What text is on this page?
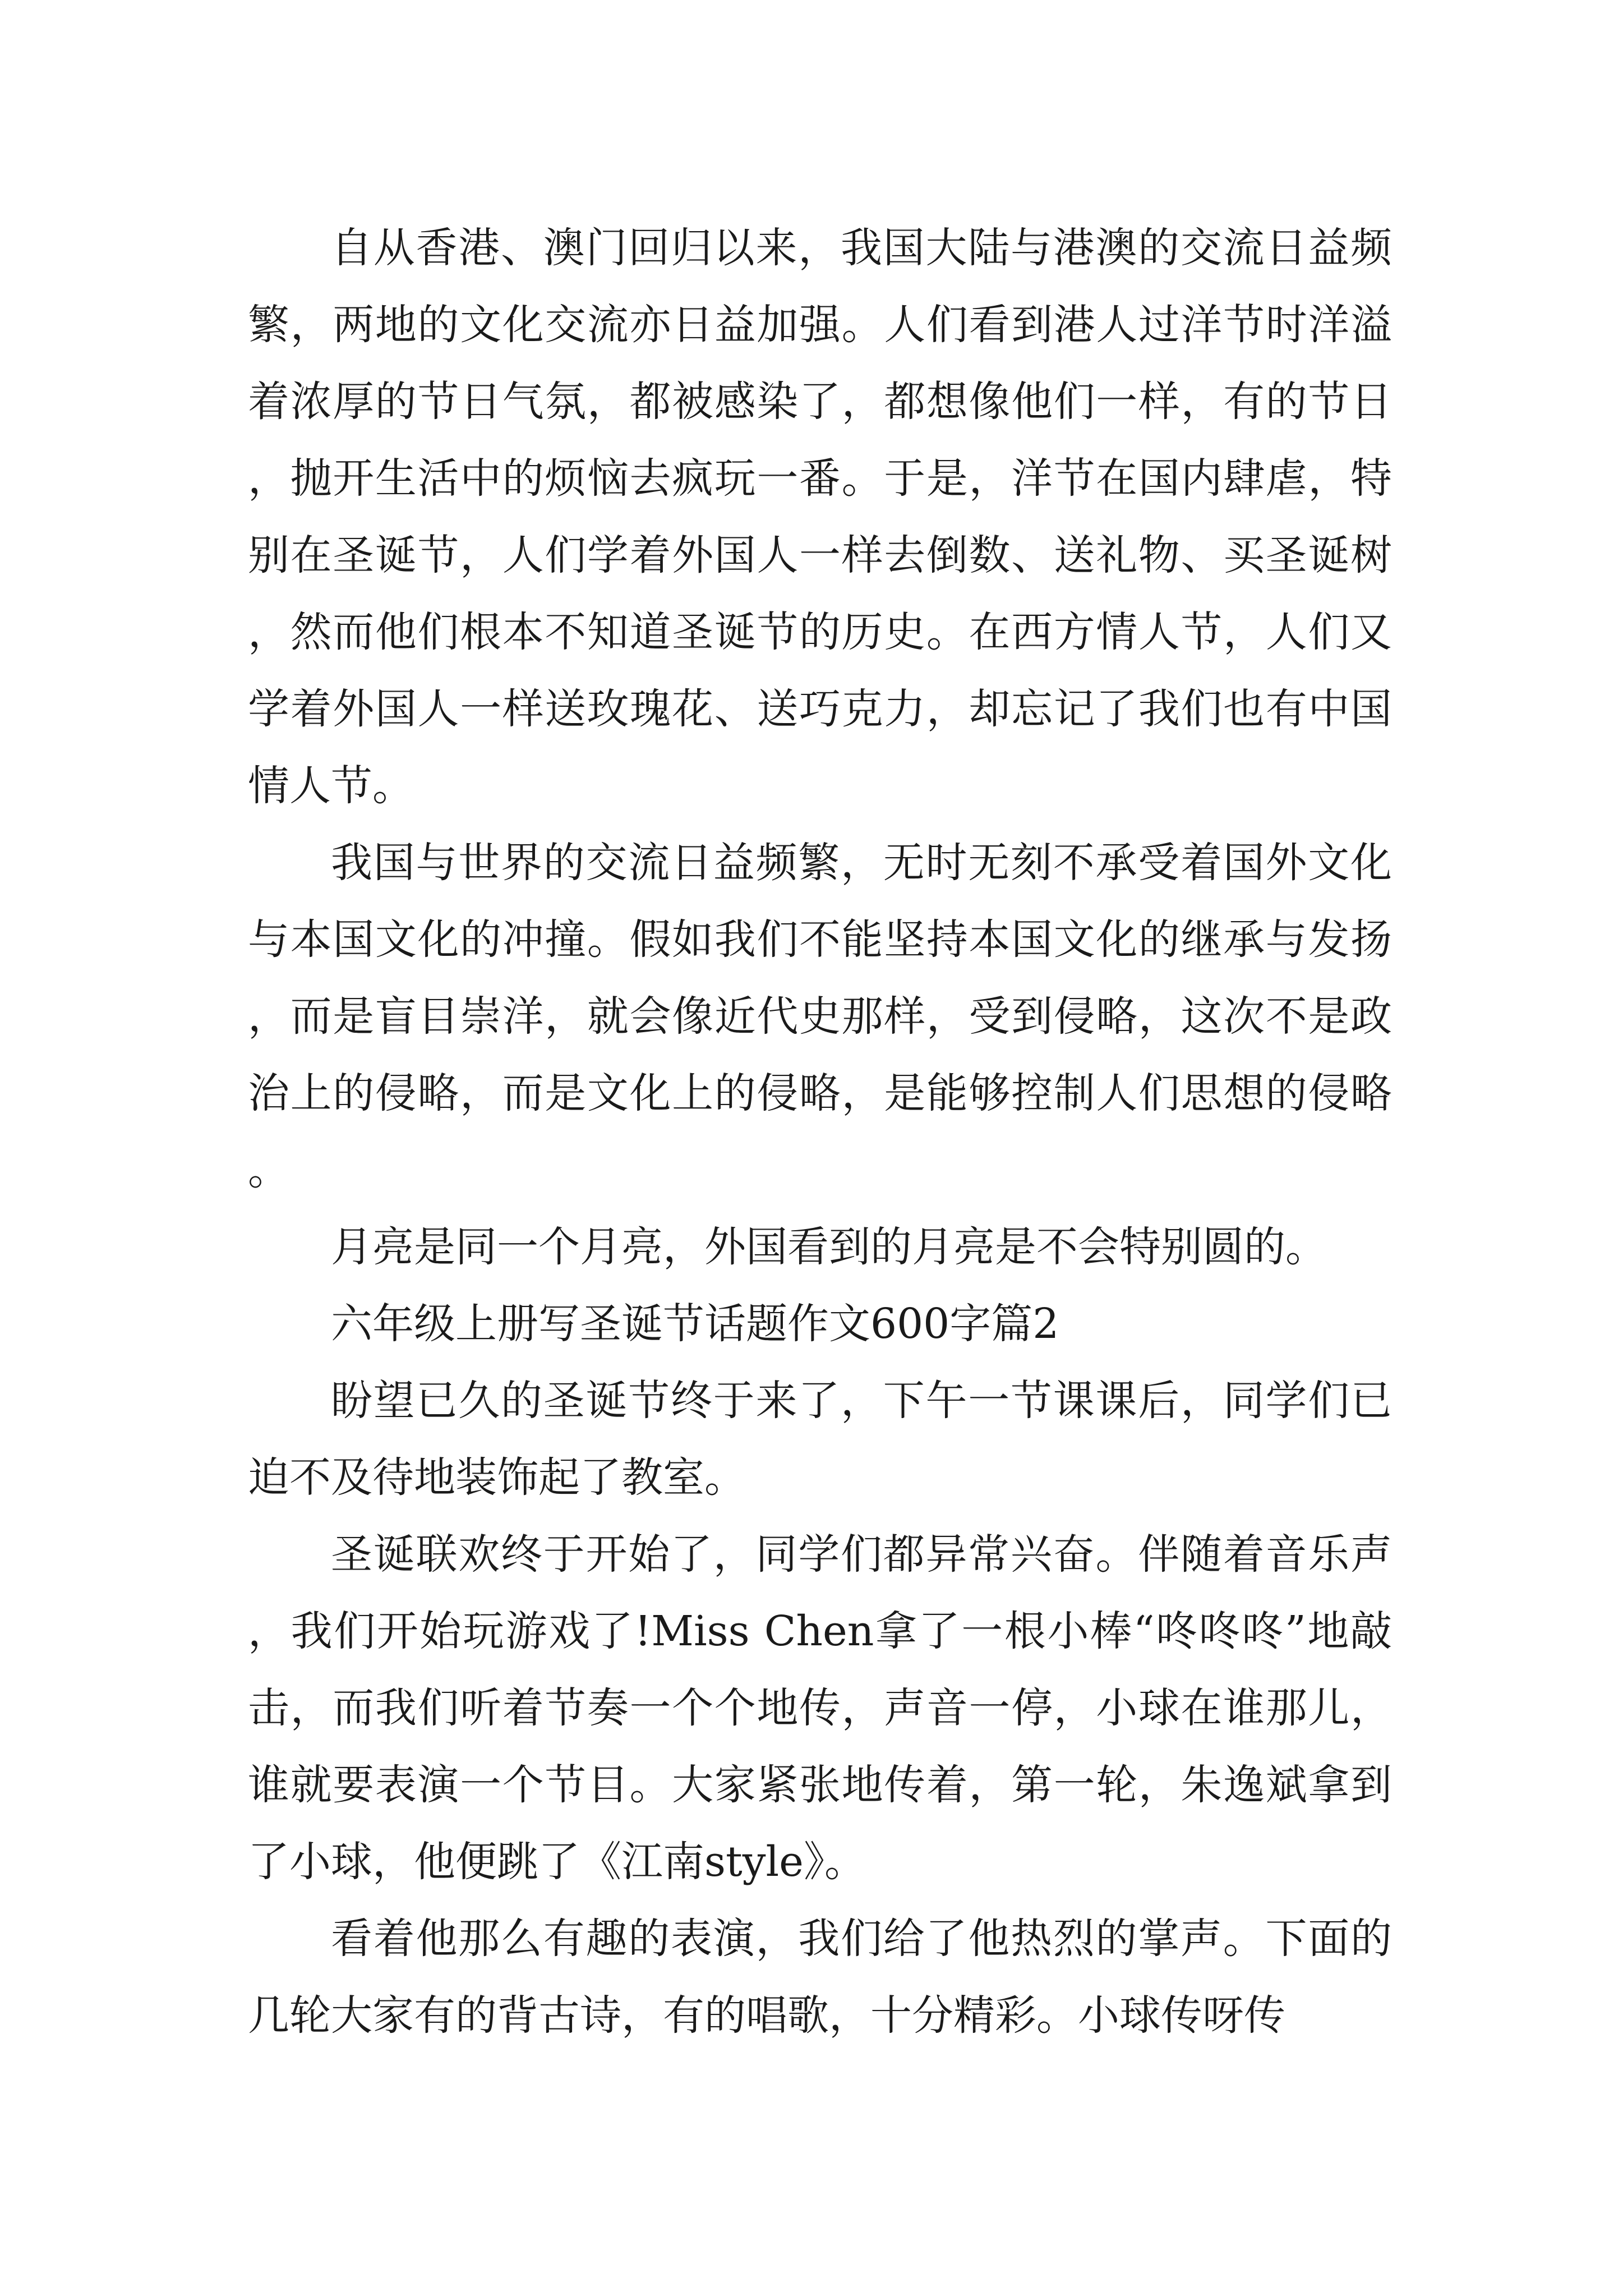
自从香港、澳门回归以来，我国大陆与港澳的交流日益频繁，两地的文化交流亦日益加强。人们看到港人过洋节时洋溢着浓厚的节日气氛，都被感染了，都想像他们一样，有的节日，抛开生活中的烦恼去疯玩一番。于是，洋节在国内肆虐，特别在圣诞节，人们学着外国人一样去倒数、送礼物、买圣诞树，然而他们根本不知道圣诞节的历史。在西方情人节，人们又学着外国人一样送玫瑰花、送巧克力，却忘记了我们也有中国情人节。

我国与世界的交流日益频繁，无时无刻不承受着国外文化与本国文化的冲撞。假如我们不能坚持本国文化的继承与发扬，而是盲目崇洋，就会像近代史那样，受到侵略，这次不是政治上的侵略，而是文化上的侵略，是能够控制人们思想的侵略。

月亮是同一个月亮，外国看到的月亮是不会特别圆的。

六年级上册写圣诞节话题作文600字篇2

盼望已久的圣诞节终于来了，下午一节课课后，同学们已迫不及待地装饰起了教室。

圣诞联欢终于开始了，同学们都异常兴奋。伴随着音乐声，我们开始玩游戏了!Miss Chen拿了一根小棒“咚咚咚”地敲击，而我们听着节奏一个个地传，声音一停，小球在谁那儿，谁就要表演一个节目。大家紧张地传着，第一轮，朱逸斌拿到了小球，他便跳了《江南style》。

看着他那么有趣的表演，我们给了他热烈的掌声。下面的几轮大家有的背古诗，有的唱歌，十分精彩。小球传呀传
